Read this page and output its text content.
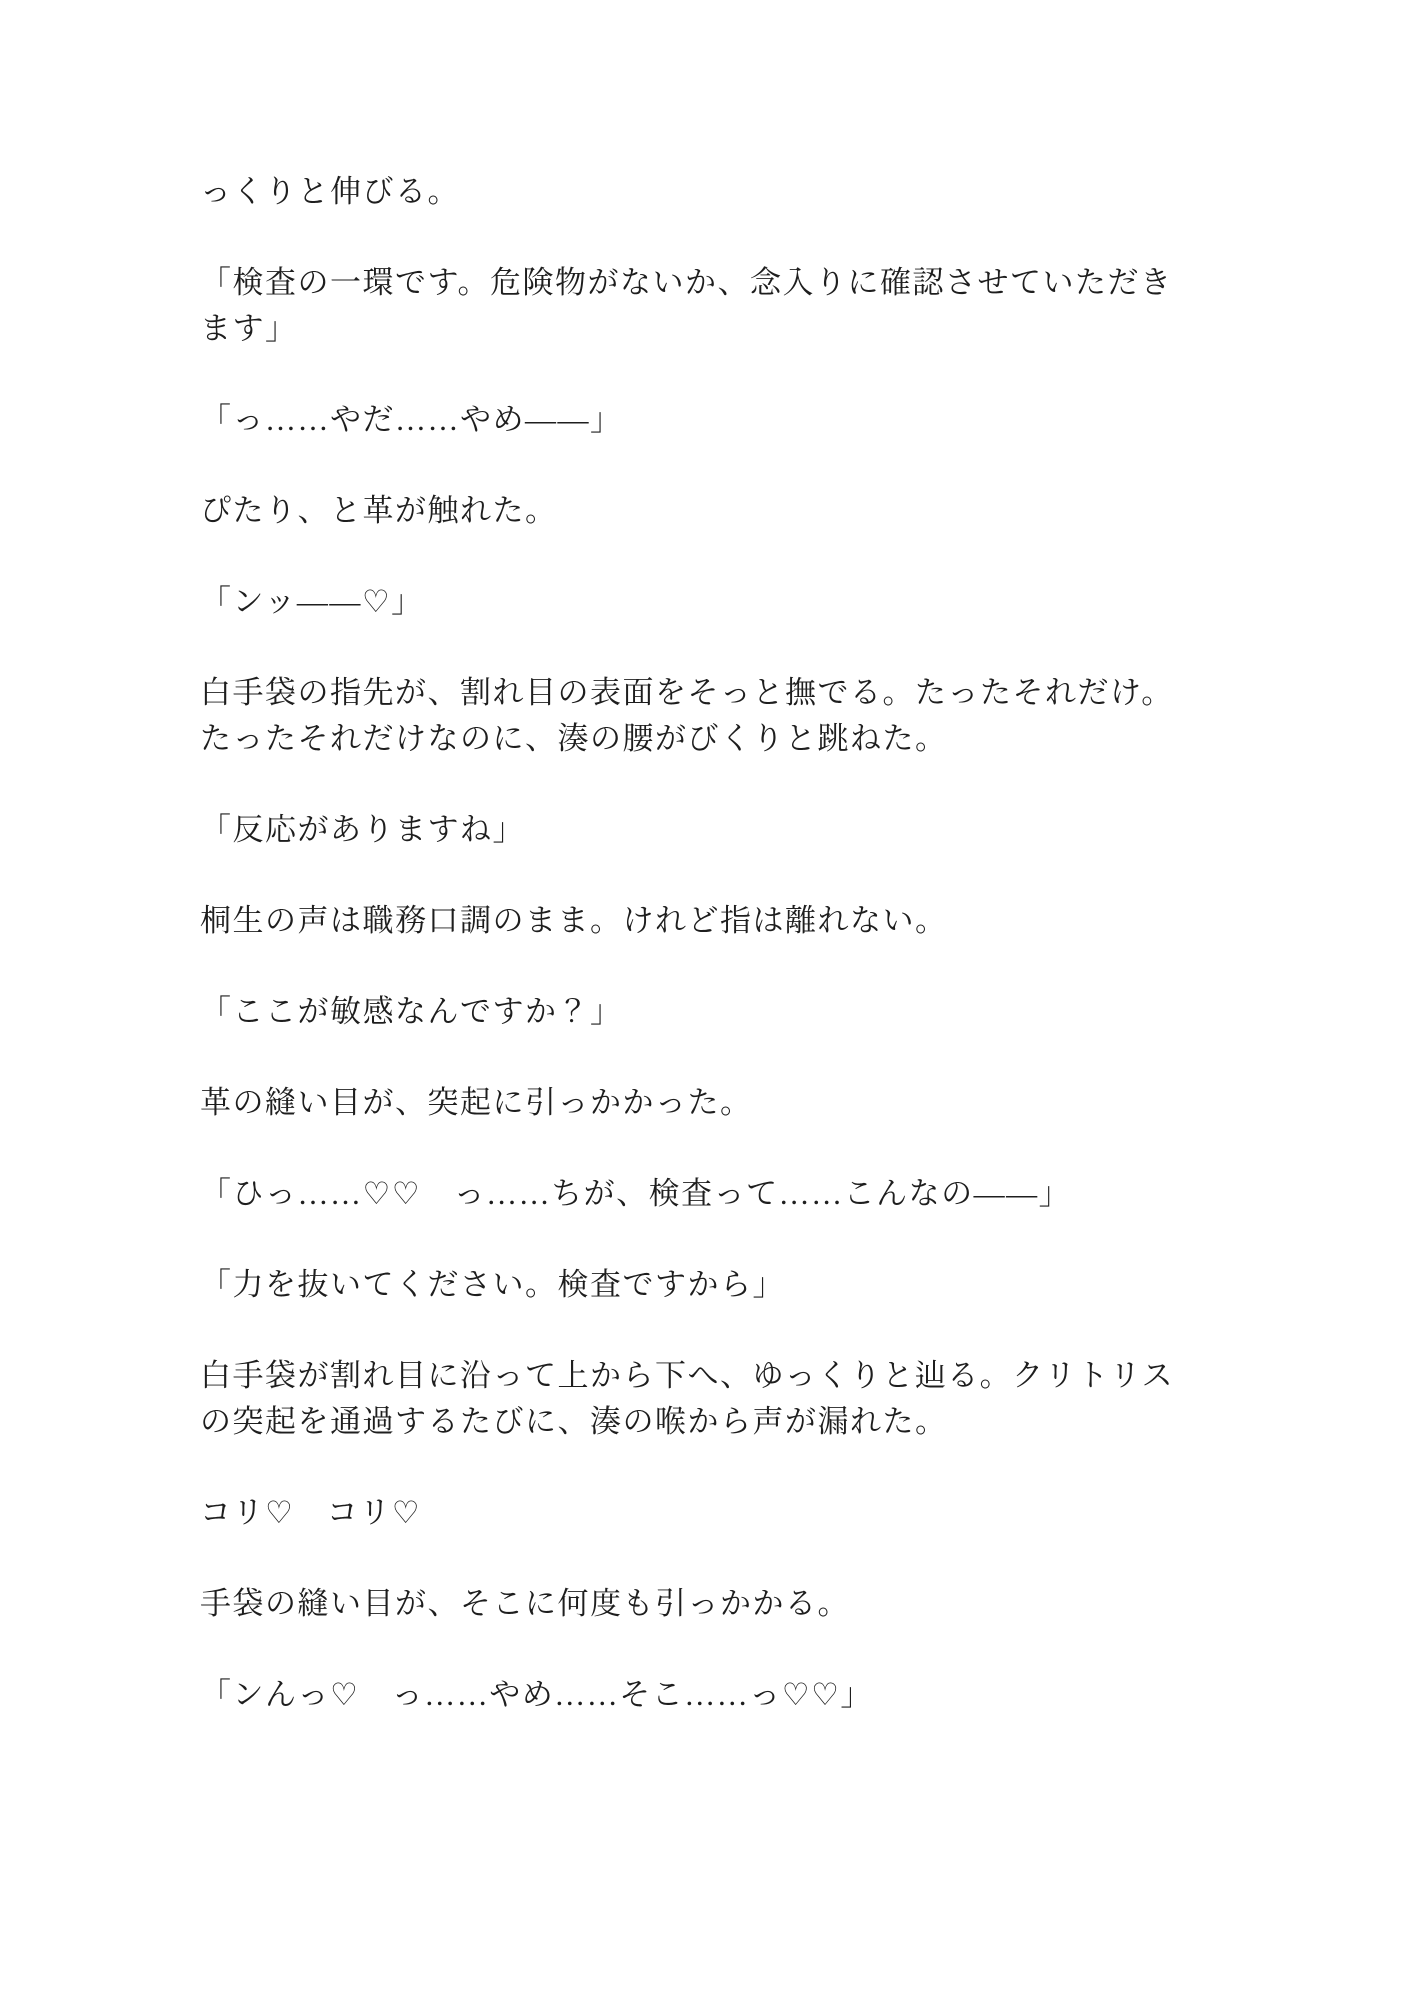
っくりと伸びる。

「検査の一環です。危険物がないか、念入りに確認させていただき
ます」

「っ……やだ……やめ――」

ぴたり、と革が触れた。

「ンッ――♡」

白手袋の指先が、割れ目の表面をそっと撫でる。たったそれだけ。
たったそれだけなのに、湊の腰がびくりと跳ねた。

「反応がありますね」

桐生の声は職務口調のまま。けれど指は離れない。

「ここが敏感なんですか？」

革の縫い目が、突起に引っかかった。

「ひっ……♡♡　っ……ちが、検査って……こんなの――」

「力を抜いてください。検査ですから」

白手袋が割れ目に沿って上から下へ、ゆっくりと辿る。クリトリス
の突起を通過するたびに、湊の喉から声が漏れた。

コリ♡　コリ♡

手袋の縫い目が、そこに何度も引っかかる。

「ンんっ♡　っ……やめ……そこ……っ♡♡」
